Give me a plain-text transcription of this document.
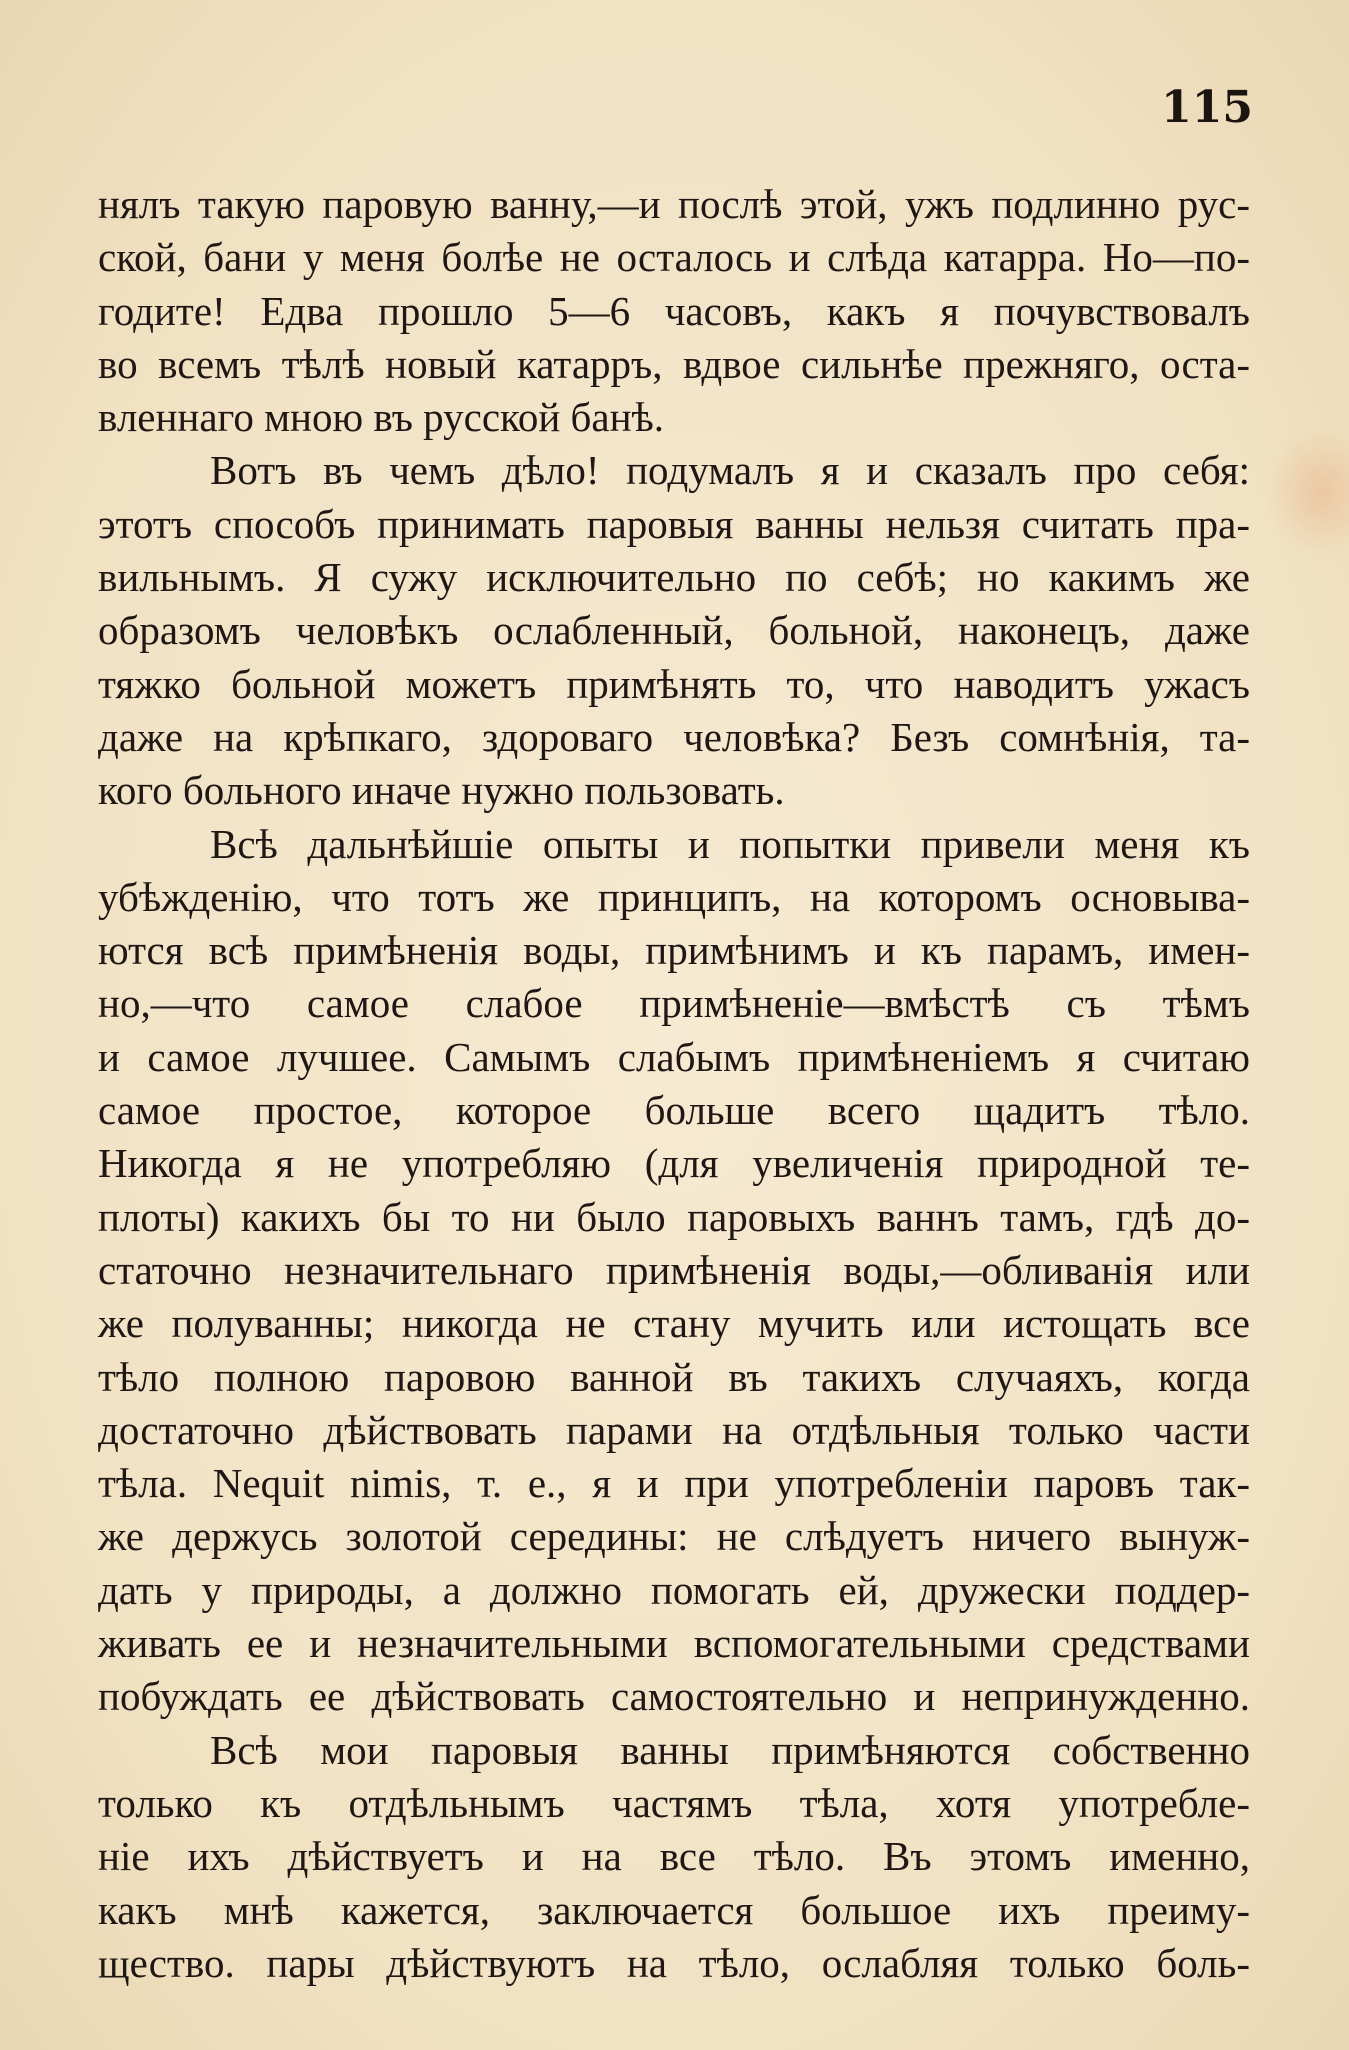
115

нялъ такую паровую ванну,—и послѣ этой, ужъ подлинно рус-
ской, бани у меня болѣе не осталось и слѣда катарра. Но—по-
годите! Едва прошло 5—6 часовъ, какъ я почувствовалъ
во всемъ тѣлѣ новый катарръ, вдвое сильнѣе прежняго, оста-
вленнаго мною въ русской банѣ.
Вотъ въ чемъ дѣло! подумалъ я и сказалъ про себя:
этотъ способъ принимать паровыя ванны нельзя считать пра-
вильнымъ. Я сужу исключительно по себѣ; но какимъ же
образомъ человѣкъ ослабленный, больной, наконецъ, даже
тяжко больной можетъ примѣнять то, что наводитъ ужасъ
даже на крѣпкаго, здороваго человѣка? Безъ сомнѣнія, та-
кого больного иначе нужно пользовать.
Всѣ дальнѣйшіе опыты и попытки привели меня къ
убѣжденію, что тотъ же принципъ, на которомъ основыва-
ются всѣ примѣненія воды, примѣнимъ и къ парамъ, имен-
но,—что самое слабое примѣненіе—вмѣстѣ съ тѣмъ
и самое лучшее. Самымъ слабымъ примѣненіемъ я считаю
самое простое, которое больше всего щадитъ тѣло.
Никогда я не употребляю (для увеличенія природной те-
плоты) какихъ бы то ни было паровыхъ ваннъ тамъ, гдѣ до-
статочно незначительнаго примѣненія воды,—обливанія или
же полуванны; никогда не стану мучить или истощать все
тѣло полною паровою ванной въ такихъ случаяхъ, когда
достаточно дѣйствовать парами на отдѣльныя только части
тѣла. Nequit nimis, т. е., я и при употребленіи паровъ так-
же держусь золотой середины: не слѣдуетъ ничего вынуж-
дать у природы, а должно помогать ей, дружески поддер-
живать ее и незначительными вспомогательными средствами
побуждать ее дѣйствовать самостоятельно и непринужденно.
Всѣ мои паровыя ванны примѣняются собственно
только къ отдѣльнымъ частямъ тѣла, хотя употребле-
ніе ихъ дѣйствуетъ и на все тѣло. Въ этомъ именно,
какъ мнѣ кажется, заключается большое ихъ преиму-
щество. пары дѣйствуютъ на тѣло, ослабляя только боль-
